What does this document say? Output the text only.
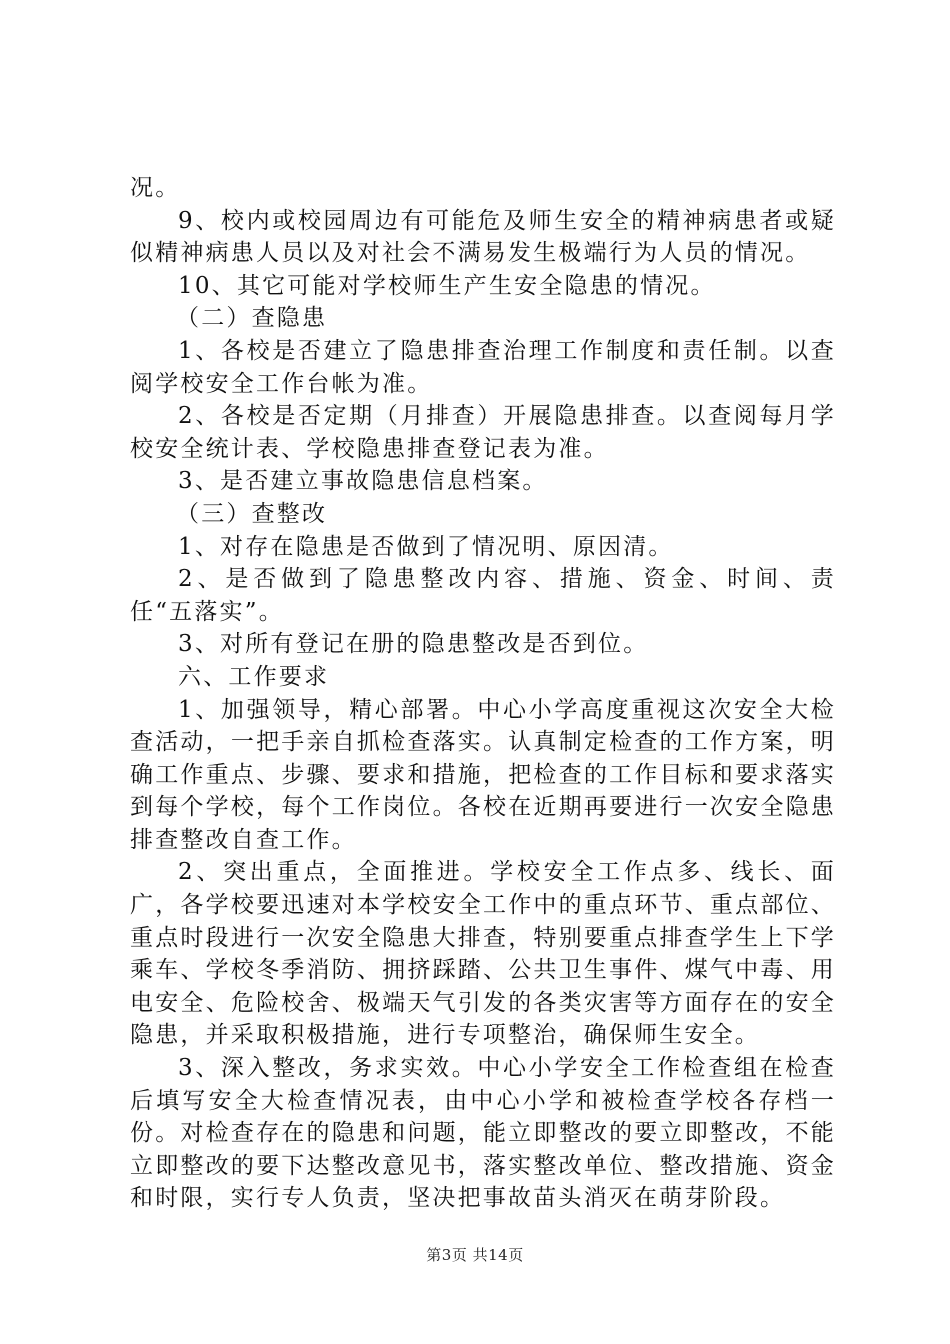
况。

9、校内或校园周边有可能危及师生安全的精神病患者或疑似精神病患人员以及对社会不满易发生极端行为人员的情况。

10、其它可能对学校师生产生安全隐患的情况。

（二）查隐患

1、各校是否建立了隐患排查治理工作制度和责任制。以查阅学校安全工作台帐为准。

2、各校是否定期（月排查）开展隐患排查。以查阅每月学校安全统计表、学校隐患排查登记表为准。

3、是否建立事故隐患信息档案。

（三）查整改

1、对存在隐患是否做到了情况明、原因清。

2、是否做到了隐患整改内容、措施、资金、时间、责任“五落实”。

3、对所有登记在册的隐患整改是否到位。

六、工作要求

1、加强领导，精心部署。中心小学高度重视这次安全大检查活动，一把手亲自抓检查落实。认真制定检查的工作方案，明确工作重点、步骤、要求和措施，把检查的工作目标和要求落实到每个学校，每个工作岗位。各校在近期再要进行一次安全隐患排查整改自查工作。

2、突出重点，全面推进。学校安全工作点多、线长、面广，各学校要迅速对本学校安全工作中的重点环节、重点部位、重点时段进行一次安全隐患大排查，特别要重点排查学生上下学乘车、学校冬季消防、拥挤踩踏、公共卫生事件、煤气中毒、用电安全、危险校舍、极端天气引发的各类灾害等方面存在的安全隐患，并采取积极措施，进行专项整治，确保师生安全。

3、深入整改，务求实效。中心小学安全工作检查组在检查后填写安全大检查情况表，由中心小学和被检查学校各存档一份。对检查存在的隐患和问题，能立即整改的要立即整改，不能立即整改的要下达整改意见书，落实整改单位、整改措施、资金和时限，实行专人负责，坚决把事故苗头消灭在萌芽阶段。

第3页 共14页
